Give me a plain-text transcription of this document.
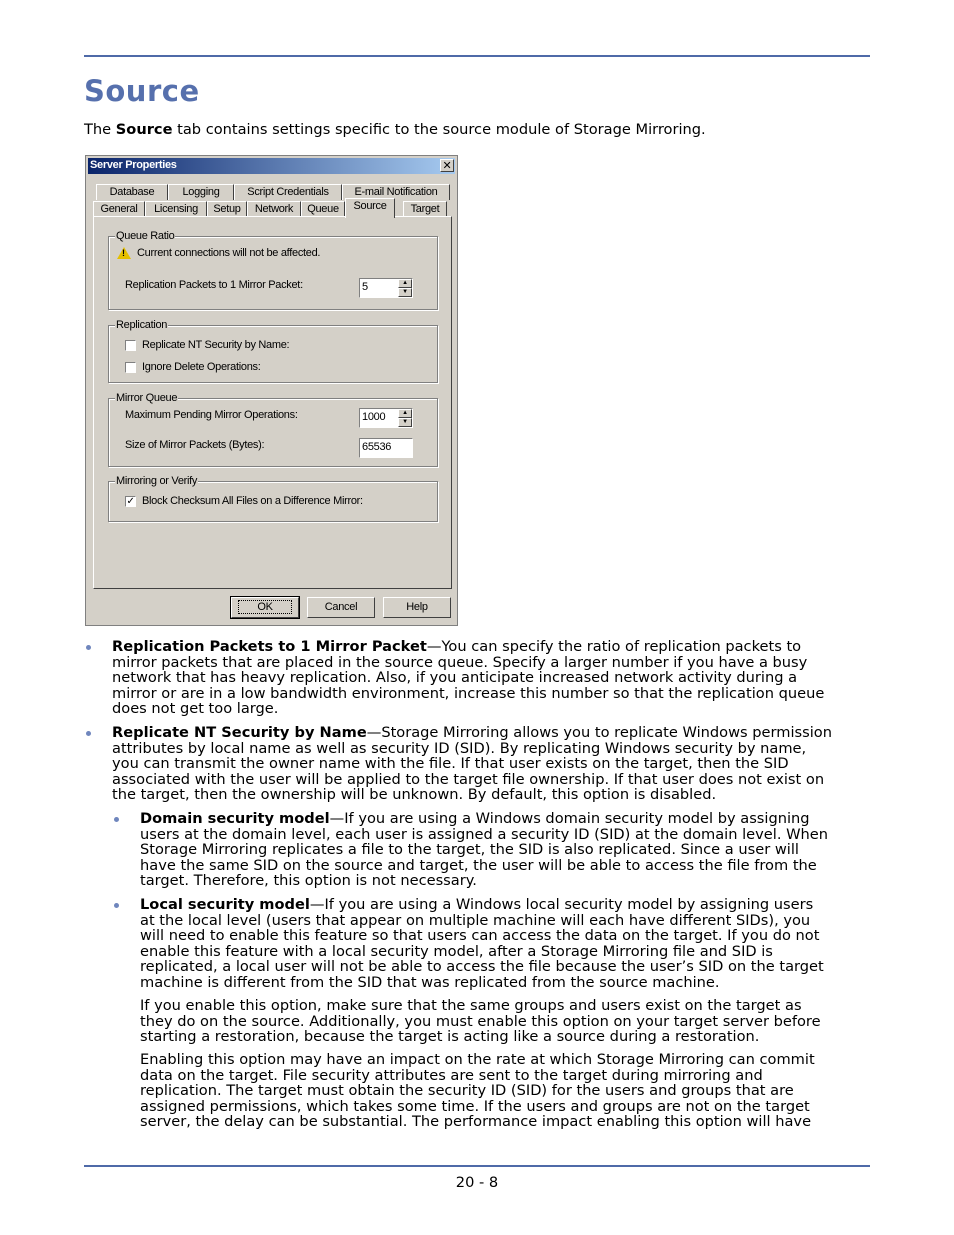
Source

The Source tab contains settings specific to the source module of Storage Mirroring.

Server Properties	✕
Database	Logging	Script Credentials	E-mail Notification
General	Licensing	Setup	Network	Queue	Source	Target
Queue Ratio
! Current connections will not be affected.
Replication Packets to 1 Mirror Packet:	5	▲
▼
Replication
Replicate NT Security by Name:
Ignore Delete Operations:
Mirror Queue
Maximum Pending Mirror Operations:	1000	▲
▼
Size of Mirror Packets (Bytes):	65536
Mirroring or Verify
✓ Block Checksum All Files on a Difference Mirror:
OK	Cancel	Help

Replication Packets to 1 Mirror Packet—You can specify the ratio of replication packets to
mirror packets that are placed in the source queue. Specify a larger number if you have a busy
network that has heavy replication. Also, if you anticipate increased network activity during a
mirror or are in a low bandwidth environment, increase this number so that the replication queue
does not get too large.

Replicate NT Security by Name—Storage Mirroring allows you to replicate Windows permission
attributes by local name as well as security ID (SID). By replicating Windows security by name,
you can transmit the owner name with the file. If that user exists on the target, then the SID
associated with the user will be applied to the target file ownership. If that user does not exist on
the target, then the ownership will be unknown. By default, this option is disabled.

Domain security model—If you are using a Windows domain security model by assigning
users at the domain level, each user is assigned a security ID (SID) at the domain level. When
Storage Mirroring replicates a file to the target, the SID is also replicated. Since a user will
have the same SID on the source and target, the user will be able to access the file from the
target. Therefore, this option is not necessary.

Local security model—If you are using a Windows local security model by assigning users
at the local level (users that appear on multiple machine will each have different SIDs), you
will need to enable this feature so that users can access the data on the target. If you do not
enable this feature with a local security model, after a Storage Mirroring file and SID is
replicated, a local user will not be able to access the file because the user’s SID on the target
machine is different from the SID that was replicated from the source machine.

If you enable this option, make sure that the same groups and users exist on the target as
they do on the source. Additionally, you must enable this option on your target server before
starting a restoration, because the target is acting like a source during a restoration.

Enabling this option may have an impact on the rate at which Storage Mirroring can commit
data on the target. File security attributes are sent to the target during mirroring and
replication. The target must obtain the security ID (SID) for the users and groups that are
assigned permissions, which takes some time. If the users and groups are not on the target
server, the delay can be substantial. The performance impact enabling this option will have

20 - 8
